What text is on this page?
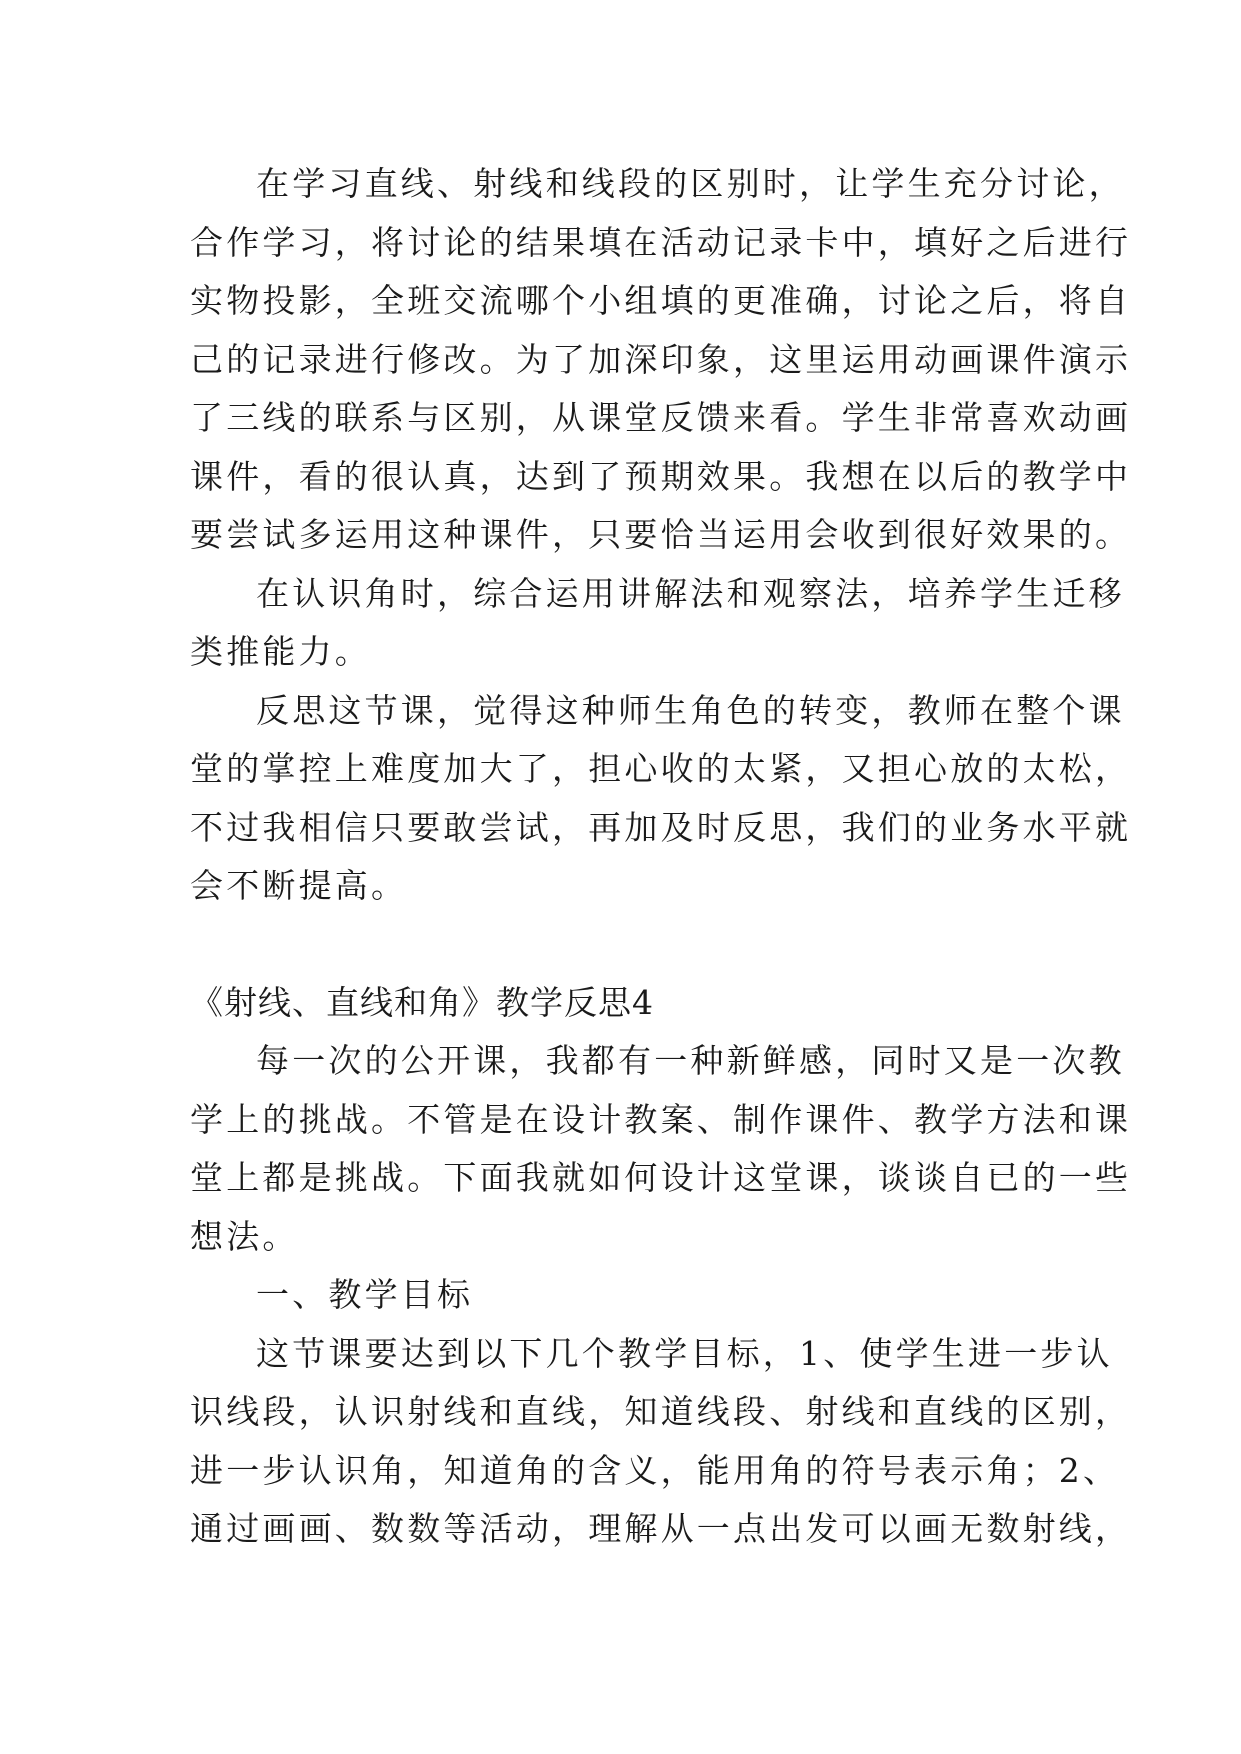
在学习直线、射线和线段的区别时，让学生充分讨论，
合作学习，将讨论的结果填在活动记录卡中，填好之后进行
实物投影，全班交流哪个小组填的更准确，讨论之后，将自
己的记录进行修改。为了加深印象，这里运用动画课件演示
了三线的联系与区别，从课堂反馈来看。学生非常喜欢动画
课件，看的很认真，达到了预期效果。我想在以后的教学中
要尝试多运用这种课件，只要恰当运用会收到很好效果的。
在认识角时，综合运用讲解法和观察法，培养学生迁移
类推能力。
反思这节课，觉得这种师生角色的转变，教师在整个课
堂的掌控上难度加大了，担心收的太紧，又担心放的太松，
不过我相信只要敢尝试，再加及时反思，我们的业务水平就
会不断提高。
《射线、直线和角》教学反思4
每一次的公开课，我都有一种新鲜感，同时又是一次教
学上的挑战。不管是在设计教案、制作课件、教学方法和课
堂上都是挑战。下面我就如何设计这堂课，谈谈自已的一些
想法。
一、教学目标
这节课要达到以下几个教学目标，1、使学生进一步认
识线段，认识射线和直线，知道线段、射线和直线的区别，
进一步认识角，知道角的含义，能用角的符号表示角；2、
通过画画、数数等活动，理解从一点出发可以画无数射线，
